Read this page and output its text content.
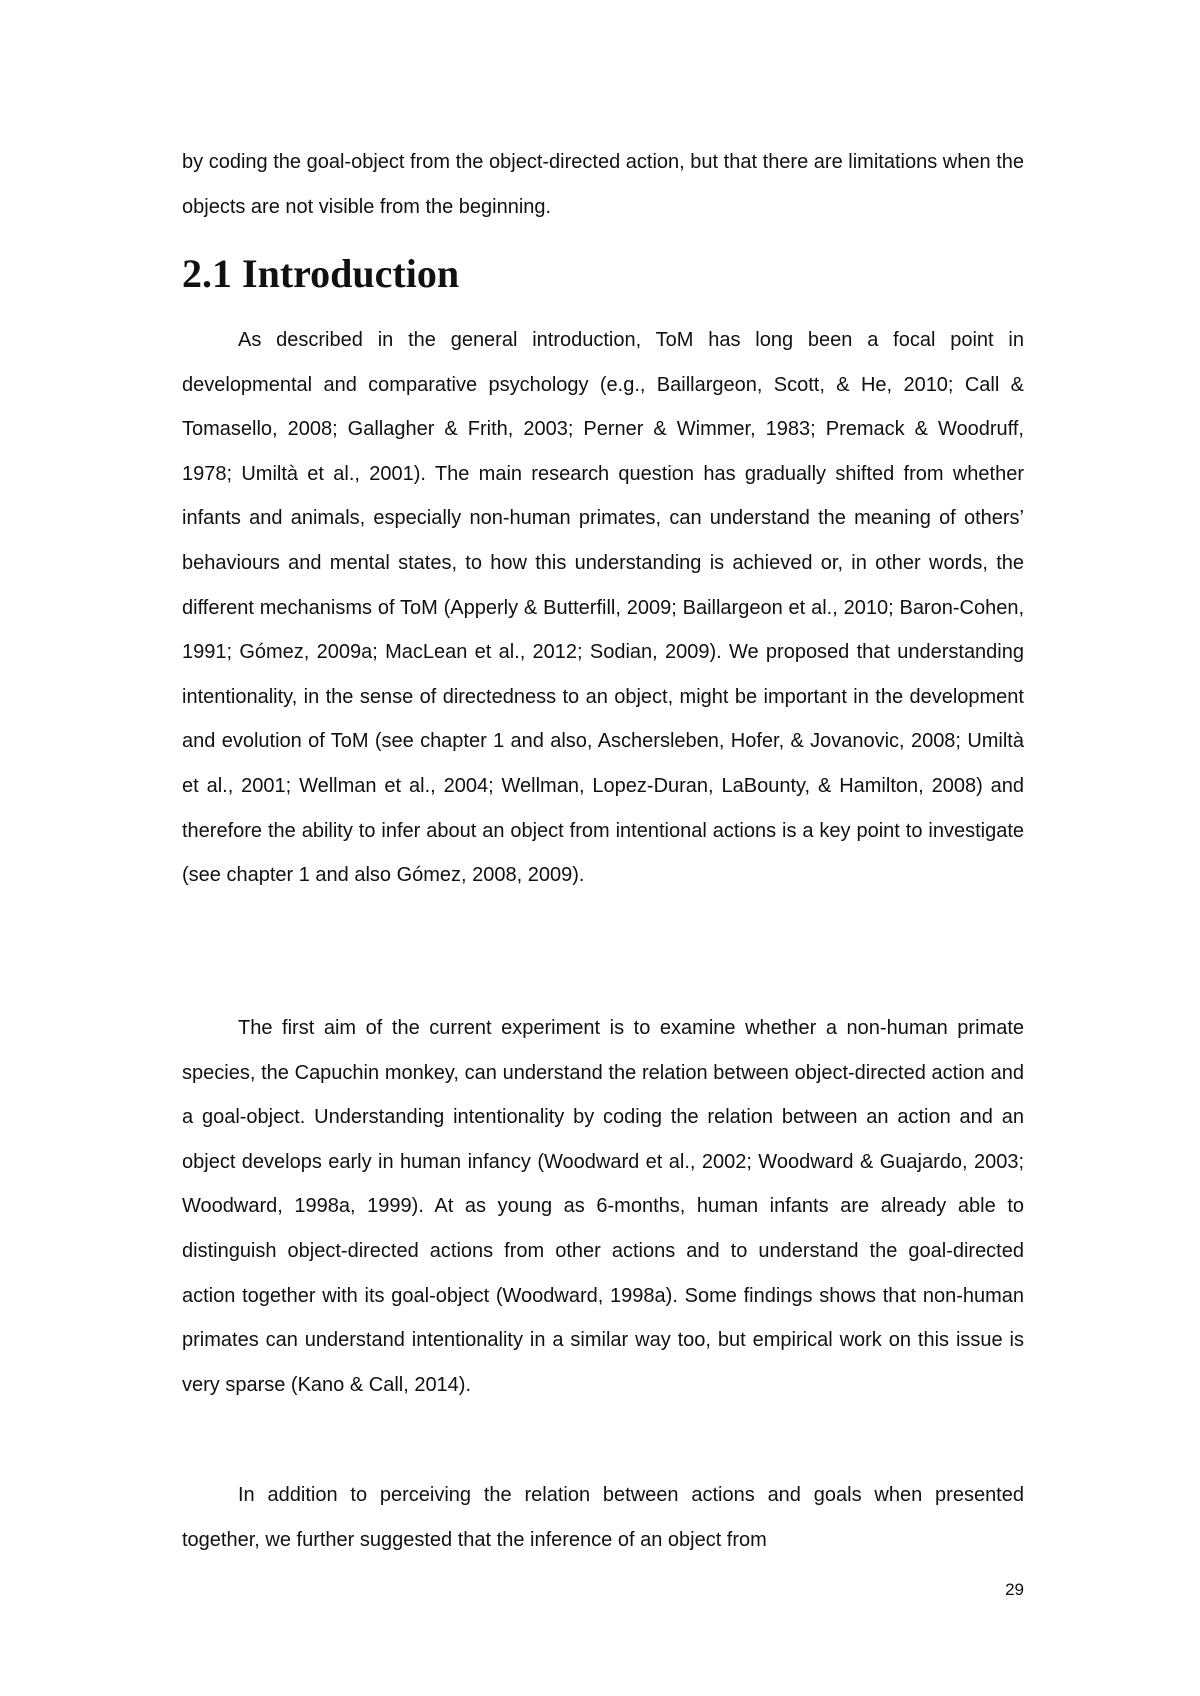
by coding the goal-object from the object-directed action, but that there are limitations when the objects are not visible from the beginning.

2.1 Introduction

As described in the general introduction, ToM has long been a focal point in developmental and comparative psychology (e.g., Baillargeon, Scott, & He, 2010; Call & Tomasello, 2008; Gallagher & Frith, 2003; Perner & Wimmer, 1983; Premack & Woodruff, 1978; Umiltà et al., 2001). The main research question has gradually shifted from whether infants and animals, especially non-human primates, can understand the meaning of others’ behaviours and mental states, to how this understanding is achieved or, in other words, the different mechanisms of ToM (Apperly & Butterfill, 2009; Baillargeon et al., 2010; Baron-Cohen, 1991; Gómez, 2009a; MacLean et al., 2012; Sodian, 2009). We proposed that understanding intentionality, in the sense of directedness to an object, might be important in the development and evolution of ToM (see chapter 1 and also, Aschersleben, Hofer, & Jovanovic, 2008; Umiltà et al., 2001; Wellman et al., 2004; Wellman, Lopez-Duran, LaBounty, & Hamilton, 2008) and therefore the ability to infer about an object from intentional actions is a key point to investigate (see chapter 1 and also Gómez, 2008, 2009).

The first aim of the current experiment is to examine whether a non-human primate species, the Capuchin monkey, can understand the relation between object-directed action and a goal-object. Understanding intentionality by coding the relation between an action and an object develops early in human infancy (Woodward et al., 2002; Woodward & Guajardo, 2003; Woodward, 1998a, 1999). At as young as 6-months, human infants are already able to distinguish object-directed actions from other actions and to understand the goal-directed action together with its goal-object (Woodward, 1998a). Some findings shows that non-human primates can understand intentionality in a similar way too, but empirical work on this issue is very sparse (Kano & Call, 2014).

In addition to perceiving the relation between actions and goals when presented together, we further suggested that the inference of an object from

29
